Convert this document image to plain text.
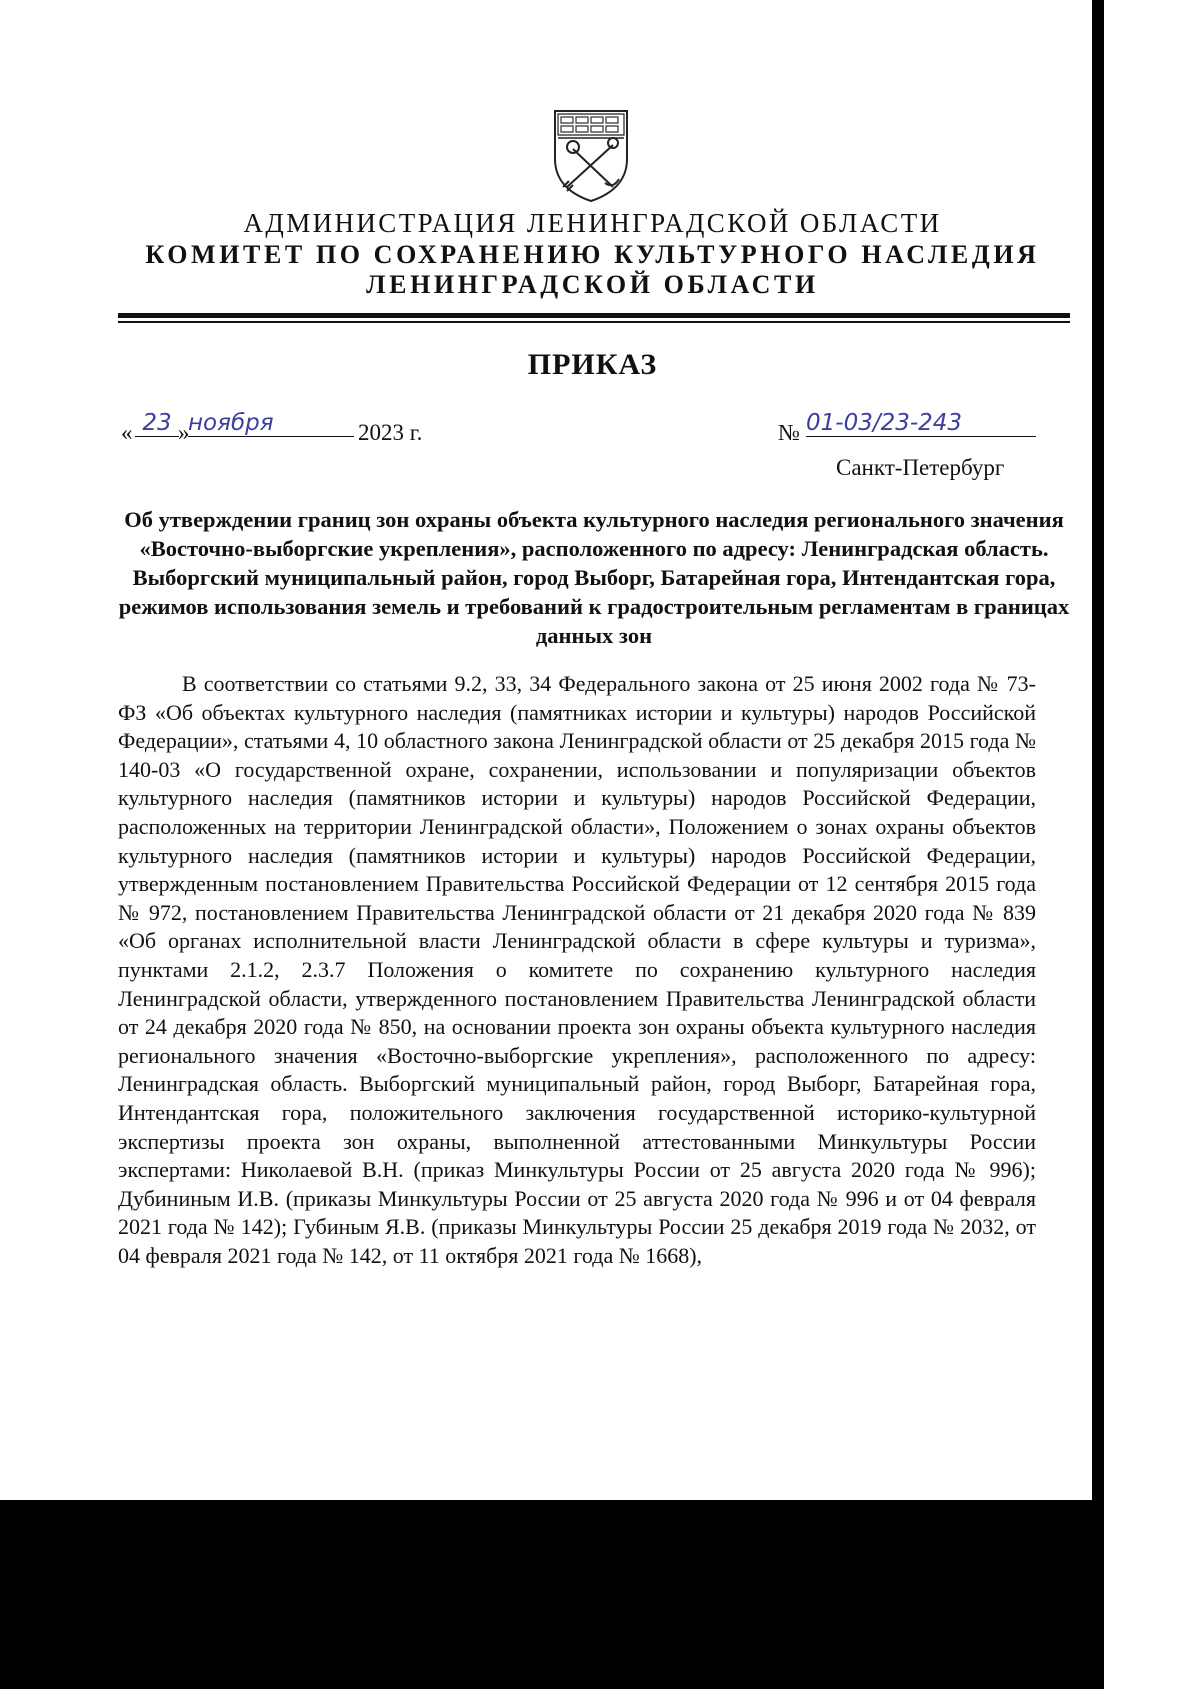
АДМИНИСТРАЦИЯ ЛЕНИНГРАДСКОЙ ОБЛАСТИ
КОМИТЕТ ПО СОХРАНЕНИЮ КУЛЬТУРНОГО НАСЛЕДИЯ
ЛЕНИНГРАДСКОЙ ОБЛАСТИ
ПРИКАЗ
« 23 »
ноября	2023 г.	№ 01-03/23-243
Санкт-Петербург
Об утверждении границ зон охраны объекта культурного наследия регионального значения «Восточно-выборгские укрепления», расположенного по адресу: Ленинградская область. Выборгский муниципальный район, город Выборг, Батарейная гора, Интендантская гора, режимов использования земель и требований к градостроительным регламентам в границах данных зон
В соответствии со статьями 9.2, 33, 34 Федерального закона от 25 июня 2002 года № 73-ФЗ «Об объектах культурного наследия (памятниках истории и культуры) народов Российской Федерации», статьями 4, 10 областного закона Ленинградской области от 25 декабря 2015 года № 140-03 «О государственной охране, сохранении, использовании и популяризации объектов культурного наследия (памятников истории и культуры) народов Российской Федерации, расположенных на территории Ленинградской области», Положением о зонах охраны объектов культурного наследия (памятников истории и культуры) народов Российской Федерации, утвержденным постановлением Правительства Российской Федерации от 12 сентября 2015 года № 972, постановлением Правительства Ленинградской области от 21 декабря 2020 года № 839 «Об органах исполнительной власти Ленинградской области в сфере культуры и туризма», пунктами 2.1.2, 2.3.7 Положения о комитете по сохранению культурного наследия Ленинградской области, утвержденного постановлением Правительства Ленинградской области от 24 декабря 2020 года № 850, на основании проекта зон охраны объекта культурного наследия регионального значения «Восточно-выборгские укрепления», расположенного по адресу: Ленинградская область. Выборгский муниципальный район, город Выборг, Батарейная гора, Интендантская гора, положительного заключения государственной историко-культурной экспертизы проекта зон охраны, выполненной аттестованными Минкультуры России экспертами: Николаевой В.Н. (приказ Минкультуры России от 25 августа 2020 года № 996); Дубининым И.В. (приказы Минкультуры России от 25 августа 2020 года № 996 и от 04 февраля 2021 года № 142); Губиным Я.В. (приказы Минкультуры России 25 декабря 2019 года № 2032, от 04 февраля 2021 года № 142, от 11 октября 2021 года № 1668),
